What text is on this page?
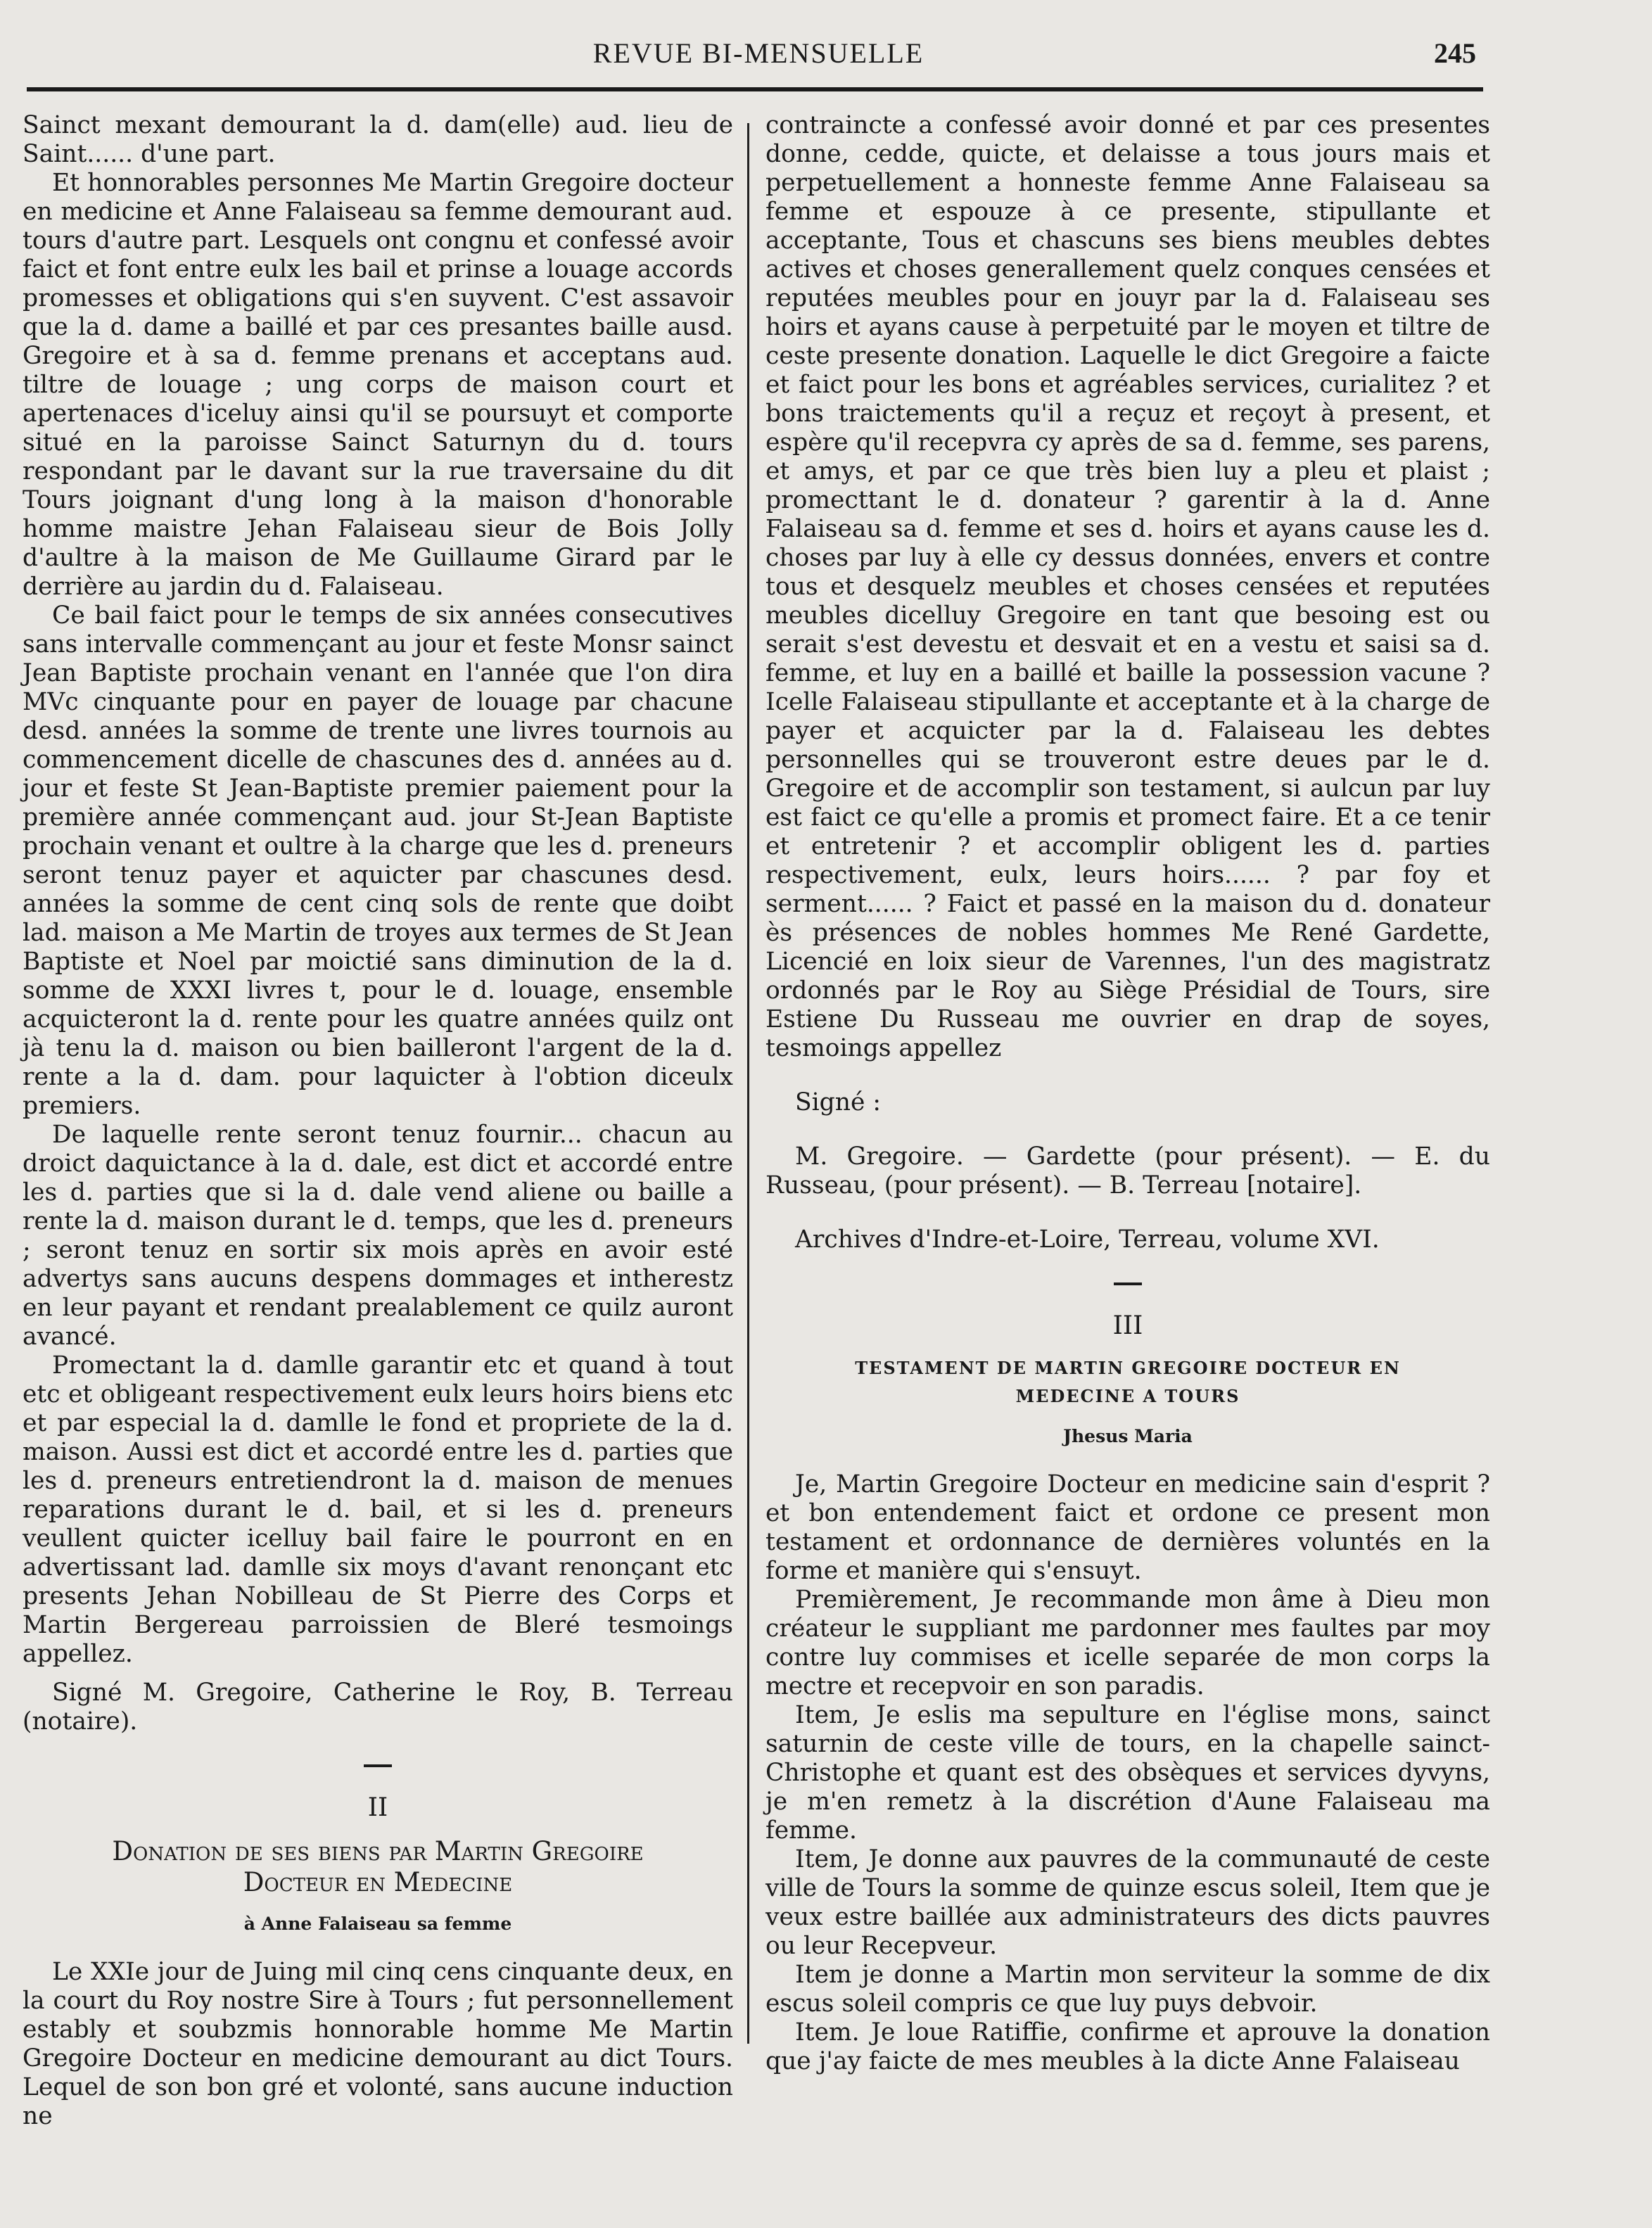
REVUE BI-MENSUELLE	245

Sainct mexant demourant la d. dam(elle) aud. lieu de Saint...... d'une part.

Et honnorables personnes Me Martin Gregoire docteur en medicine et Anne Falaiseau sa femme demourant aud. tours d'autre part. Lesquels ont congnu et confessé avoir faict et font entre eulx les bail et prinse a louage accords promesses et obligations qui s'en suyvent. C'est assavoir que la d. dame a baillé et par ces presantes baille ausd. Gregoire et à sa d. femme prenans et acceptans aud. tiltre de louage ; ung corps de maison court et apertenaces d'iceluy ainsi qu'il se poursuyt et comporte situé en la paroisse Sainct Saturnyn du d. tours respondant par le davant sur la rue traversaine du dit Tours joignant d'ung long à la maison d'honorable homme maistre Jehan Falaiseau sieur de Bois Jolly d'aultre à la maison de Me Guillaume Girard par le derrière au jardin du d. Falaiseau.

Ce bail faict pour le temps de six années consecutives sans intervalle commençant au jour et feste Monsr sainct Jean Baptiste prochain venant en l'année que l'on dira MVc cinquante pour en payer de louage par chacune desd. années la somme de trente une livres tournois au commencement dicelle de chascunes des d. années au d. jour et feste St Jean-Baptiste premier paiement pour la première année commençant aud. jour St-Jean Baptiste prochain venant et oultre à la charge que les d. preneurs seront tenuz payer et aquicter par chascunes desd. années la somme de cent cinq sols de rente que doibt lad. maison a Me Martin de troyes aux termes de St Jean Baptiste et Noel par moictié sans diminution de la d. somme de XXXI livres t, pour le d. louage, ensemble acquicteront la d. rente pour les quatre années quilz ont jà tenu la d. maison ou bien bailleront l'argent de la d. rente a la d. dam. pour laquicter à l'obtion diceulx premiers.

De laquelle rente seront tenuz fournir... chacun au droict daquictance à la d. dale, est dict et accordé entre les d. parties que si la d. dale vend aliene ou baille a rente la d. maison durant le d. temps, que les d. preneurs ; seront tenuz en sortir six mois après en avoir esté advertys sans aucuns despens dommages et intherestz en leur payant et rendant prealablement ce quilz auront avancé.

Promectant la d. damlle garantir etc et quand à tout etc et obligeant respectivement eulx leurs hoirs biens etc et par especial la d. damlle le fond et propriete de la d. maison. Aussi est dict et accordé entre les d. parties que les d. preneurs entretiendront la d. maison de menues reparations durant le d. bail, et si les d. preneurs veullent quicter icelluy bail faire le pourront en en advertissant lad. damlle six moys d'avant renonçant etc presents Jehan Nobilleau de St Pierre des Corps et Martin Bergereau parroissien de Bleré tesmoings appellez.

Signé M. Gregoire, Catherine le Roy, B. Terreau (notaire).

II
Donation de ses biens par Martin Gregoire
Docteur en Medecine
à Anne Falaiseau sa femme

Le XXIe jour de Juing mil cinq cens cinquante deux, en la court du Roy nostre Sire à Tours ; fut personnellement estably et soubzmis honnorable homme Me Martin Gregoire Docteur en medicine demourant au dict Tours. Lequel de son bon gré et volonté, sans aucune induction ne

contraincte a confessé avoir donné et par ces presentes donne, cedde, quicte, et delaisse a tous jours mais et perpetuellement a honneste femme Anne Falaiseau sa femme et espouze à ce presente, stipullante et acceptante, Tous et chascuns ses biens meubles debtes actives et choses generallement quelz conques censées et reputées meubles pour en jouyr par la d. Falaiseau ses hoirs et ayans cause à perpetuité par le moyen et tiltre de ceste presente donation. Laquelle le dict Gregoire a faicte et faict pour les bons et agréables services, curialitez ? et bons traictements qu'il a reçuz et reçoyt à present, et espère qu'il recepvra cy après de sa d. femme, ses parens, et amys, et par ce que très bien luy a pleu et plaist ; promecttant le d. donateur ? garentir à la d. Anne Falaiseau sa d. femme et ses d. hoirs et ayans cause les d. choses par luy à elle cy dessus données, envers et contre tous et desquelz meubles et choses censées et reputées meubles dicelluy Gregoire en tant que besoing est ou serait s'est devestu et desvait et en a vestu et saisi sa d. femme, et luy en a baillé et baille la possession vacune ? Icelle Falaiseau stipullante et acceptante et à la charge de payer et acquicter par la d. Falaiseau les debtes personnelles qui se trouveront estre deues par le d. Gregoire et de accomplir son testament, si aulcun par luy est faict ce qu'elle a promis et promect faire. Et a ce tenir et entretenir ? et accomplir obligent les d. parties respectivement, eulx, leurs hoirs...... ? par foy et serment...... ? Faict et passé en la maison du d. donateur ès présences de nobles hommes Me René Gardette, Licencié en loix sieur de Varennes, l'un des magistratz ordonnés par le Roy au Siège Présidial de Tours, sire Estiene Du Russeau me ouvrier en drap de soyes, tesmoings appellez

Signé :

M. Gregoire. — Gardette (pour présent). — E. du Russeau, (pour présent). — B. Terreau [notaire].

Archives d'Indre-et-Loire, Terreau, volume XVI.

III
TESTAMENT DE MARTIN GREGOIRE DOCTEUR EN
MEDECINE A TOURS
Jhesus Maria

Je, Martin Gregoire Docteur en medicine sain d'esprit ? et bon entendement faict et ordone ce present mon testament et ordonnance de dernières voluntés en la forme et manière qui s'ensuyt.

Premièrement, Je recommande mon âme à Dieu mon créateur le suppliant me pardonner mes faultes par moy contre luy commises et icelle separée de mon corps la mectre et recepvoir en son paradis.

Item, Je eslis ma sepulture en l'église mons, sainct saturnin de ceste ville de tours, en la chapelle sainct-Christophe et quant est des obsèques et services dyvyns, je m'en remetz à la discrétion d'Aune Falaiseau ma femme.

Item, Je donne aux pauvres de la communauté de ceste ville de Tours la somme de quinze escus soleil, Item que je veux estre baillée aux administrateurs des dicts pauvres ou leur Recepveur.

Item je donne a Martin mon serviteur la somme de dix escus soleil compris ce que luy puys debvoir.

Item. Je loue Ratiffie, confirme et aprouve la donation que j'ay faicte de mes meubles à la dicte Anne Falaiseau
